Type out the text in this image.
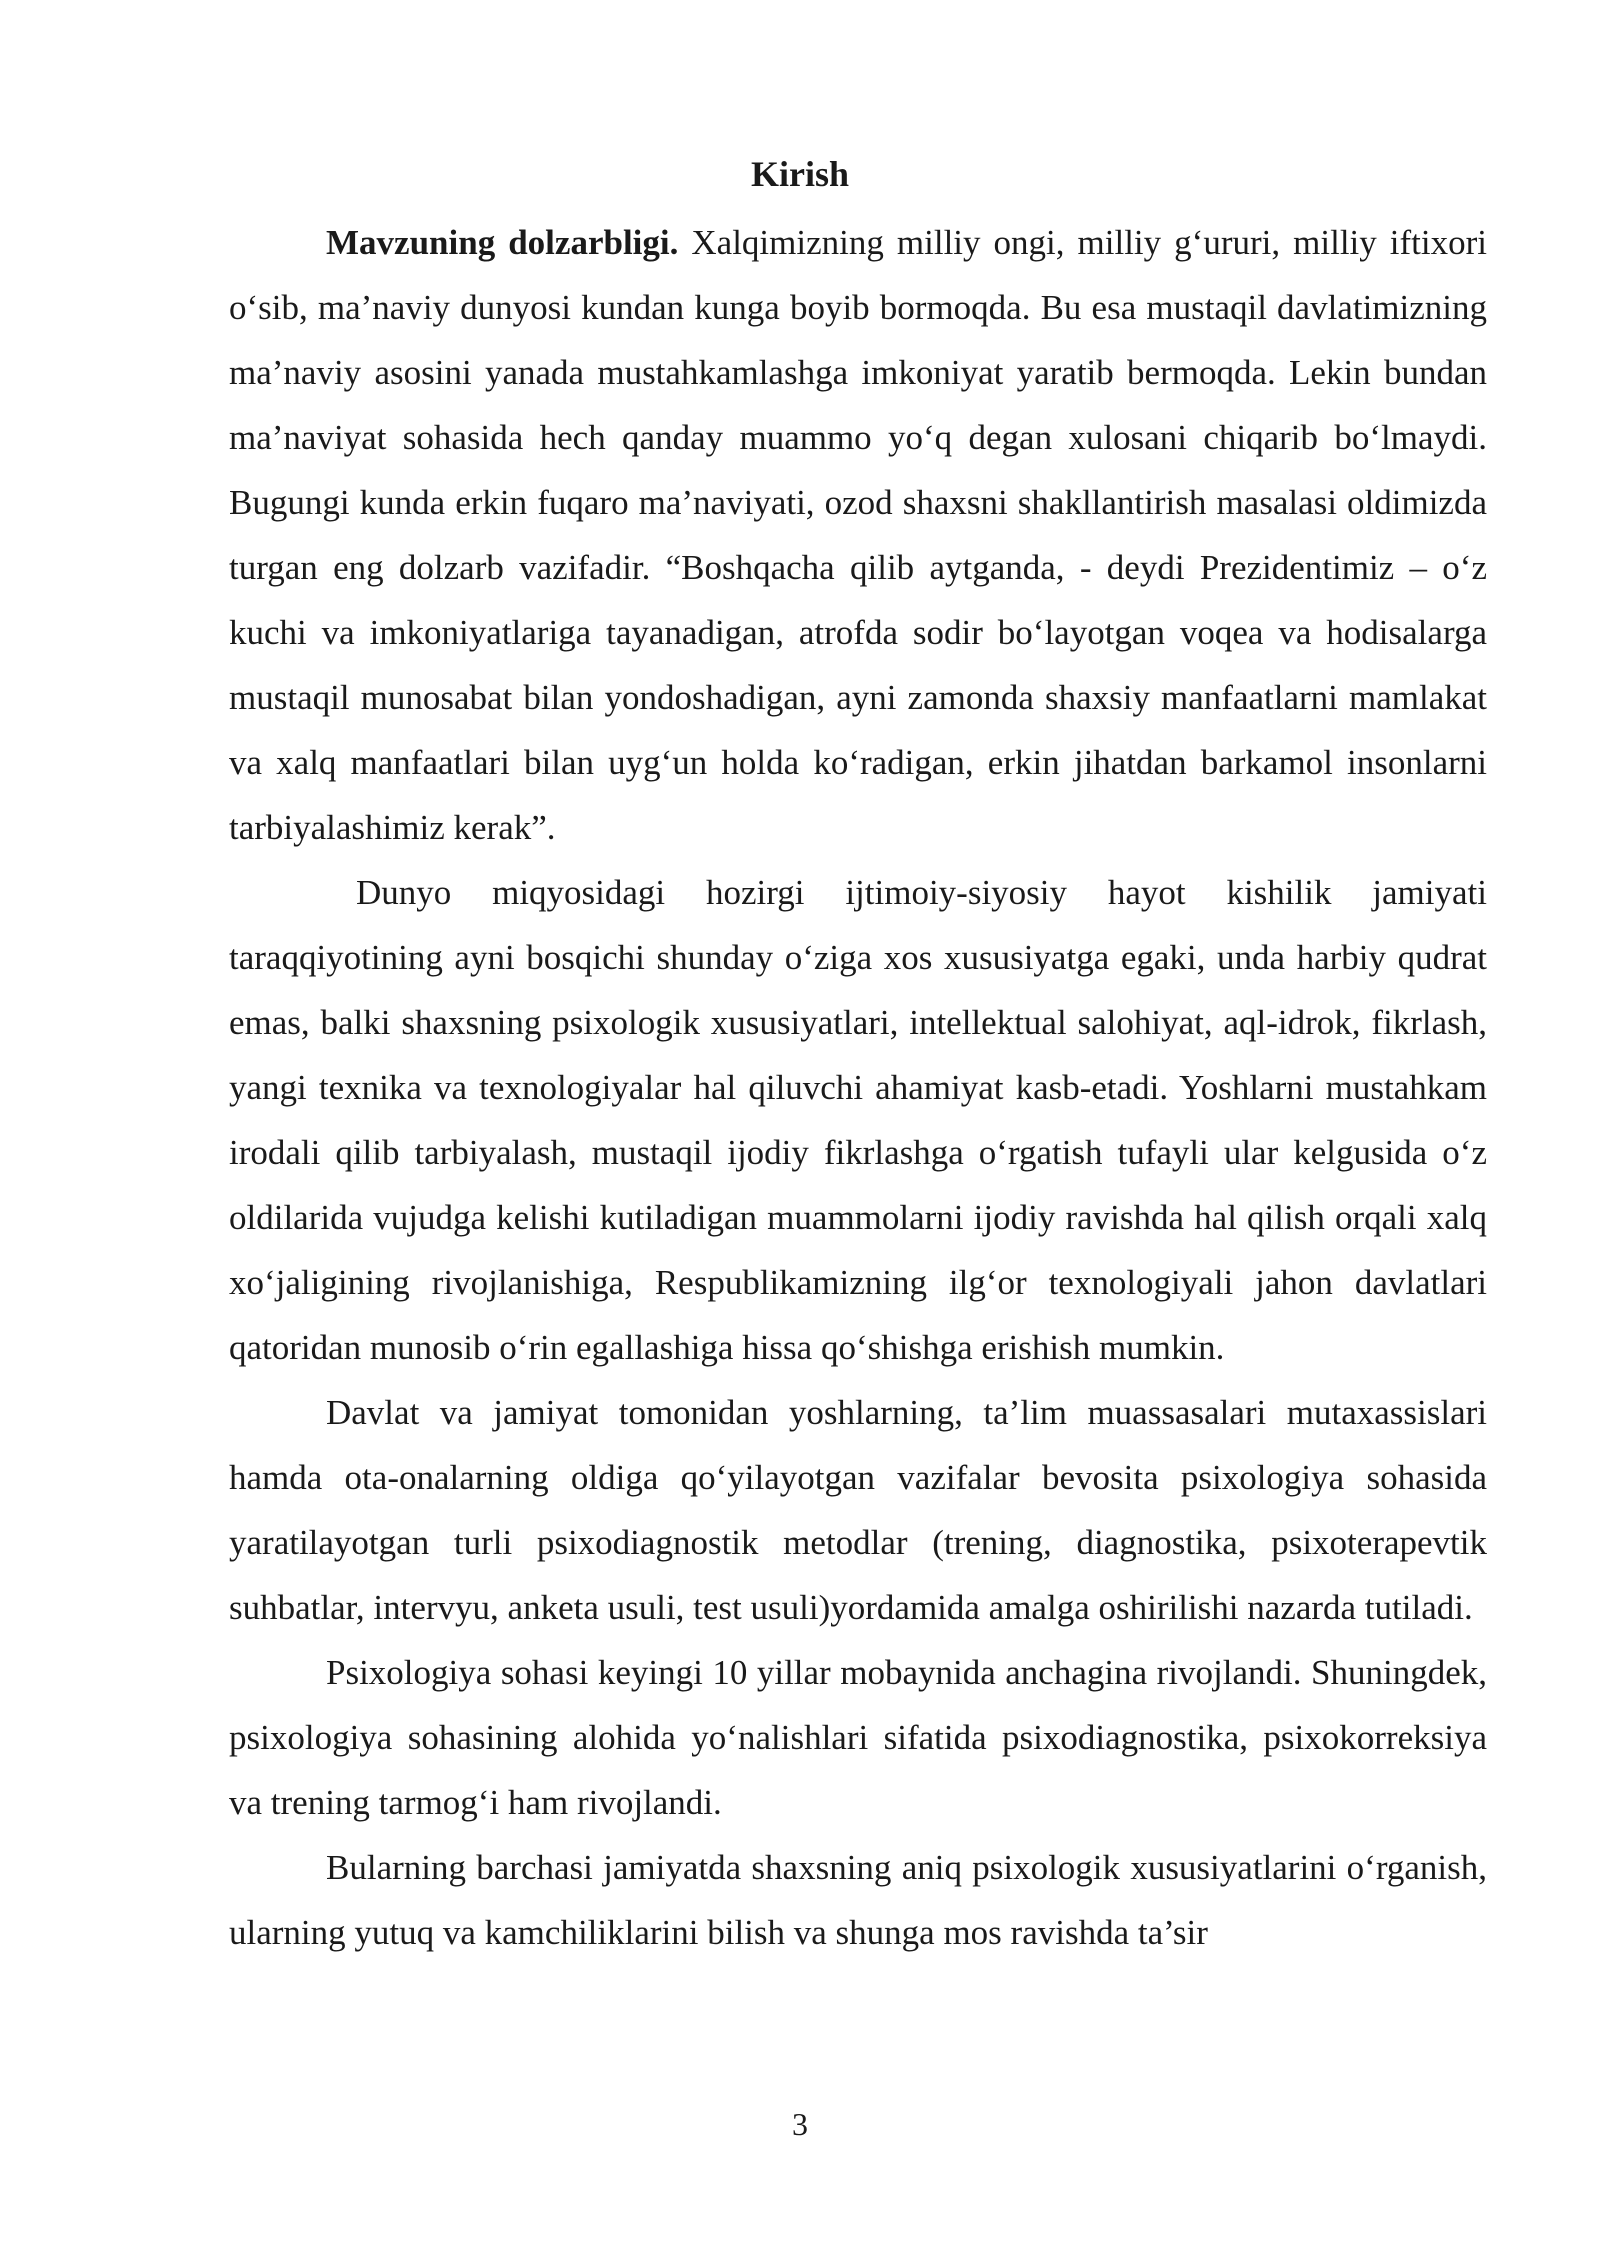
Kirish

Mavzuning dolzarbligi. Xalqimizning milliy ongi, milliy g‘ururi, milliy iftixori o‘sib, ma’naviy dunyosi kundan kunga boyib bormoqda. Bu esa mustaqil davlatimizning ma’naviy asosini yanada mustahkamlashga imkoniyat yaratib bermoqda. Lekin bundan ma’naviyat sohasida hech qanday muammo yo‘q degan xulosani chiqarib bo‘lmaydi. Bugungi kunda erkin fuqaro ma’naviyati, ozod shaxsni shakllantirish masalasi oldimizda turgan eng dolzarb vazifadir. “Boshqacha qilib aytganda, - deydi Prezidentimiz – o‘z kuchi va imkoniyatlariga tayanadigan, atrofda sodir bo‘layotgan voqea va hodisalarga mustaqil munosabat bilan yondoshadigan, ayni zamonda shaxsiy manfaatlarni mamlakat va xalq manfaatlari bilan uyg‘un holda ko‘radigan, erkin jihatdan barkamol insonlarni tarbiyalashimiz kerak”.

Dunyo miqyosidagi hozirgi ijtimoiy-siyosiy hayot kishilik jamiyati taraqqiyotining ayni bosqichi shunday o‘ziga xos xususiyatga egaki, unda harbiy qudrat emas, balki shaxsning psixologik xususiyatlari, intellektual salohiyat, aql-idrok, fikrlash, yangi texnika va texnologiyalar hal qiluvchi ahamiyat kasb-etadi. Yoshlarni mustahkam irodali qilib tarbiyalash, mustaqil ijodiy fikrlashga o‘rgatish tufayli ular kelgusida o‘z oldilarida vujudga kelishi kutiladigan muammolarni ijodiy ravishda hal qilish orqali xalq xo‘jaligining rivojlanishiga, Respublikamizning ilg‘or texnologiyali jahon davlatlari qatoridan munosib o‘rin egallashiga hissa qo‘shishga erishish mumkin.

Davlat va jamiyat tomonidan yoshlarning, ta’lim muassasalari mutaxassislari hamda ota-onalarning oldiga qo‘yilayotgan vazifalar bevosita psixologiya sohasida yaratilayotgan turli psixodiagnostik metodlar (trening, diagnostika, psixoterapevtik suhbatlar, intervyu, anketa usuli, test usuli)yordamida amalga oshirilishi nazarda tutiladi.

Psixologiya sohasi keyingi 10 yillar mobaynida anchagina rivojlandi. Shuningdek, psixologiya sohasining alohida yo‘nalishlari sifatida psixodiagnostika, psixokorreksiya va trening tarmog‘i ham rivojlandi.

Bularning barchasi jamiyatda shaxsning aniq psixologik xususiyatlarini o‘rganish, ularning yutuq va kamchiliklarini bilish va shunga mos ravishda ta’sir

3
